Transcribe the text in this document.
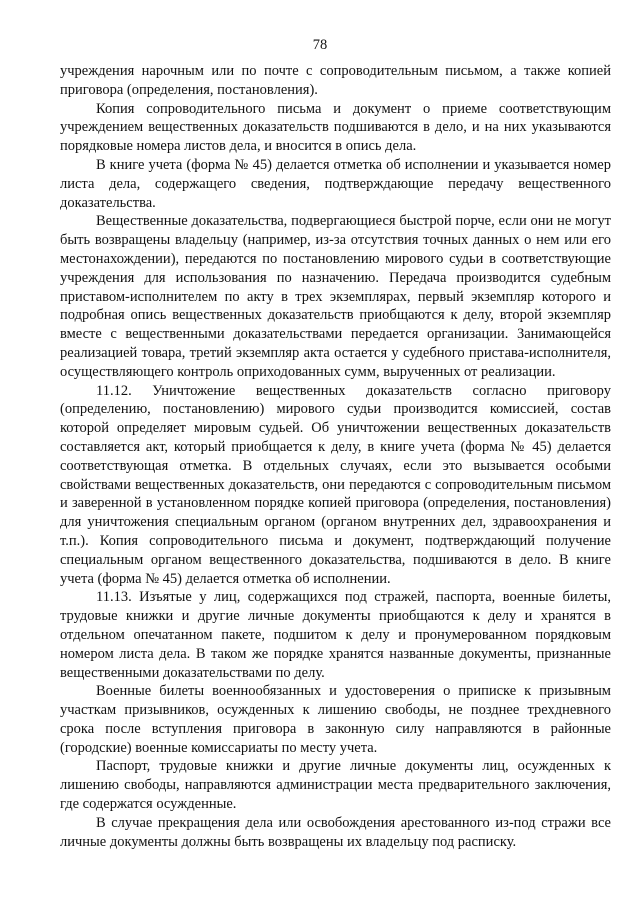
78

учреждения нарочным или по почте с сопроводительным письмом, а также копией приговора (определения, постановления).

Копия сопроводительного письма и документ о приеме соответствующим учреждением вещественных доказательств подшиваются в дело, и на них указываются порядковые номера листов дела, и вносится в опись дела.

В книге учета (форма № 45) делается отметка об исполнении и указывается номер листа дела, содержащего сведения, подтверждающие передачу вещественного доказательства.

Вещественные доказательства, подвергающиеся быстрой порче, если они не могут быть возвращены владельцу (например, из-за отсутствия точных данных о нем или его местонахождении), передаются по постановлению мирового судьи в соответствующие учреждения для использования по назначению. Передача производится судебным приставом-исполнителем по акту в трех экземплярах, первый экземпляр которого и подробная опись вещественных доказательств приобщаются к делу, второй экземпляр вместе с вещественными доказательствами передается организации. Занимающейся реализацией товара, третий экземпляр акта остается у судебного пристава-исполнителя, осуществляющего контроль оприходованных сумм, вырученных от реализации.

11.12. Уничтожение вещественных доказательств согласно приговору (определению, постановлению) мирового судьи производится комиссией, состав которой определяет мировым судьей. Об уничтожении вещественных доказательств составляется акт, который приобщается к делу, в книге учета (форма № 45) делается соответствующая отметка. В отдельных случаях, если это вызывается особыми свойствами вещественных доказательств, они передаются с сопроводительным письмом и заверенной в установленном порядке копией приговора (определения, постановления) для уничтожения специальным органом (органом внутренних дел, здравоохранения и т.п.). Копия сопроводительного письма и документ, подтверждающий получение специальным органом вещественного доказательства, подшиваются в дело. В книге учета (форма № 45) делается отметка об исполнении.

11.13. Изъятые у лиц, содержащихся под стражей, паспорта, военные билеты, трудовые книжки и другие личные документы приобщаются к делу и хранятся в отдельном опечатанном пакете, подшитом к делу и пронумерованном порядковым номером листа дела. В таком же порядке хранятся названные документы, признанные вещественными доказательствами по делу.

Военные билеты военнообязанных и удостоверения о приписке к призывным участкам призывников, осужденных к лишению свободы, не позднее трехдневного срока после вступления приговора в законную силу направляются в районные (городские) военные комиссариаты по месту учета.

Паспорт, трудовые книжки и другие личные документы лиц, осужденных к лишению свободы, направляются администрации места предварительного заключения, где содержатся осужденные.

В случае прекращения дела или освобождения арестованного из-под стражи все личные документы должны быть возвращены их владельцу под расписку.
